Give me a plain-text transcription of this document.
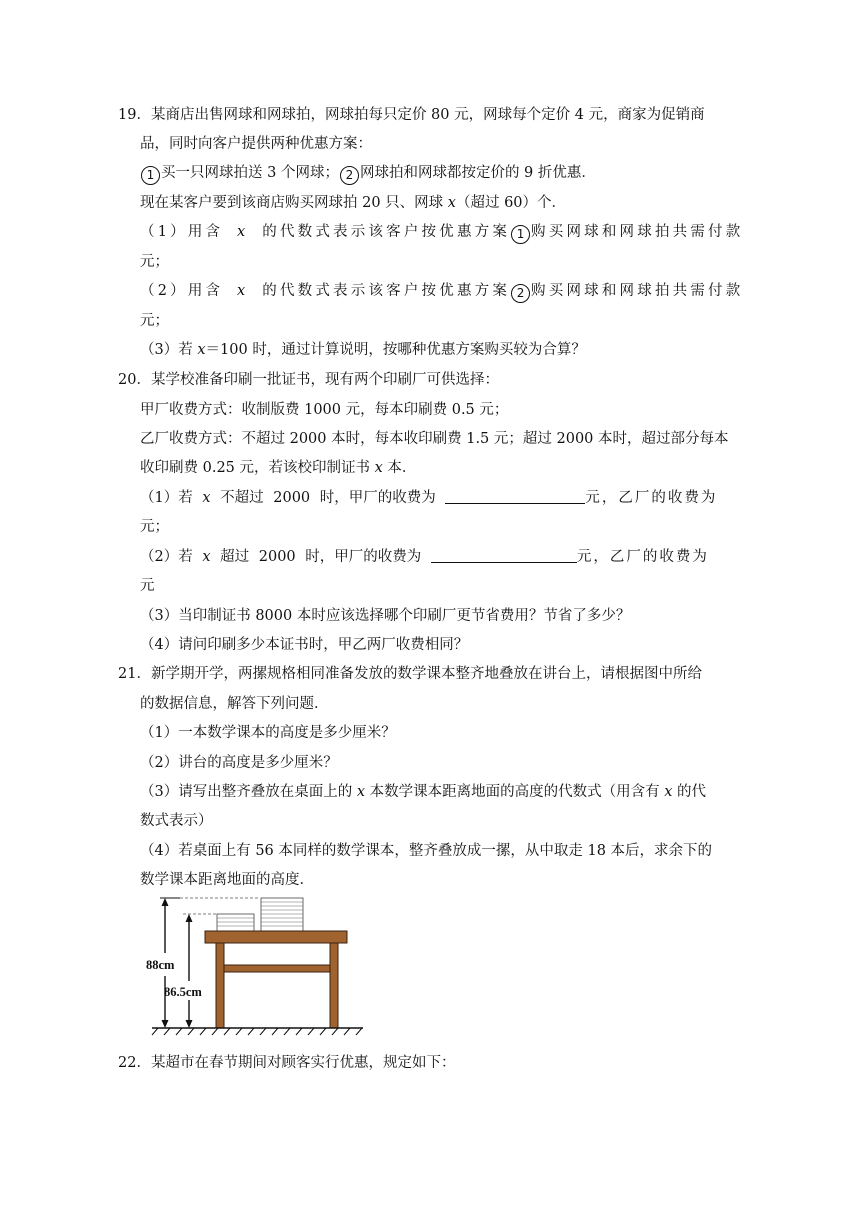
19．某商店出售网球和网球拍，网球拍每只定价 80 元，网球每个定价 4 元，商家为促销商
品，同时向客户提供两种优惠方案：
1 买一只网球拍送 3 个网球； 2 网球拍和网球都按定价的 9 折优惠．
现在某客户要到该商店购买网球拍 20 只、网球 x（超过 60）个．
（1）用含 x 的代数式表示该客户按优惠方案 1 购买网球和网球拍共需付款
元；
（2）用含 x 的代数式表示该客户按优惠方案 2 购买网球和网球拍共需付款
元；
（3）若 x＝100 时，通过计算说明，按哪种优惠方案购买较为合算？
20．某学校准备印刷一批证书，现有两个印刷厂可供选择：
甲厂收费方式：收制版费 1000 元，每本印刷费 0.5 元；
乙厂收费方式：不超过 2000 本时，每本收印刷费 1.5 元；超过 2000 本时，超过部分每本
收印刷费 0.25 元，若该校印制证书 x 本．
（1）若 x 不超过 2000 时，甲厂的收费为	元，乙厂的收费为
元；
（2）若 x 超过 2000 时，甲厂的收费为	元，乙厂的收费为
元
（3）当印制证书 8000 本时应该选择哪个印刷厂更节省费用？节省了多少？
（4）请问印刷多少本证书时，甲乙两厂收费相同？
21．新学期开学，两摞规格相同准备发放的数学课本整齐地叠放在讲台上，请根据图中所给
的数据信息，解答下列问题．
（1）一本数学课本的高度是多少厘米？
（2）讲台的高度是多少厘米？
（3）请写出整齐叠放在桌面上的 x 本数学课本距离地面的高度的代数式（用含有 x 的代
数式表示）
（4）若桌面上有 56 本同样的数学课本，整齐叠放成一摞，从中取走 18 本后，求余下的
数学课本距离地面的高度．
88cm
86.5cm
22．某超市在春节期间对顾客实行优惠，规定如下：
